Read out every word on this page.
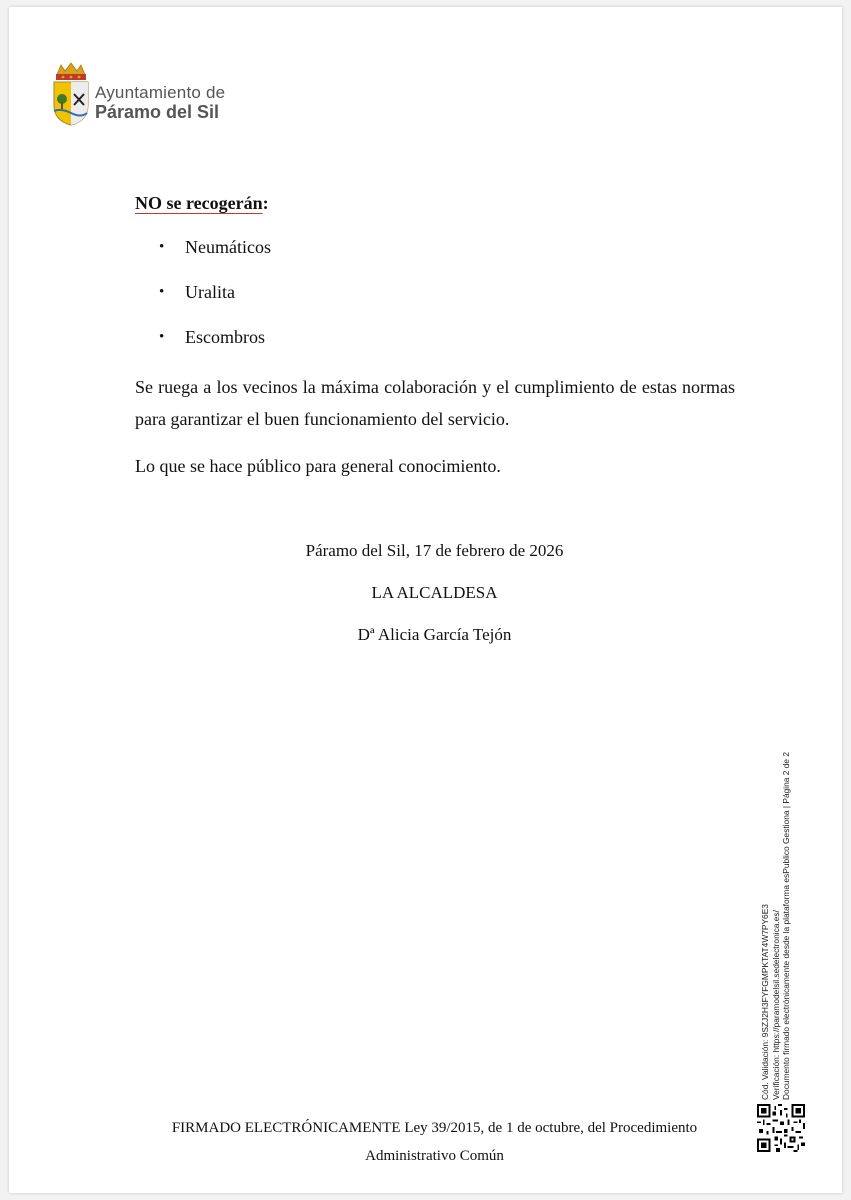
Ayuntamiento de
Páramo del Sil
NO se recogerán:
• Neumáticos
• Uralita
• Escombros
Se ruega a los vecinos la máxima colaboración y el cumplimiento de estas normas para garantizar el buen funcionamiento del servicio.
Lo que se hace público para general conocimiento.
Páramo del Sil, 17 de febrero de 2026
LA ALCALDESA
Dª Alicia García Tejón
FIRMADO ELECTRÓNICAMENTE Ley 39/2015, de 1 de octubre, del Procedimiento
Administrativo Común
Cód. Validación: 9SZJ2H3FYFGMPKTAT4W7PY6E3 Verificación: https://paramodelsil.sedelectronica.es/ Documento firmado electrónicamente desde la plataforma esPublico Gestiona | Página 2 de 2
